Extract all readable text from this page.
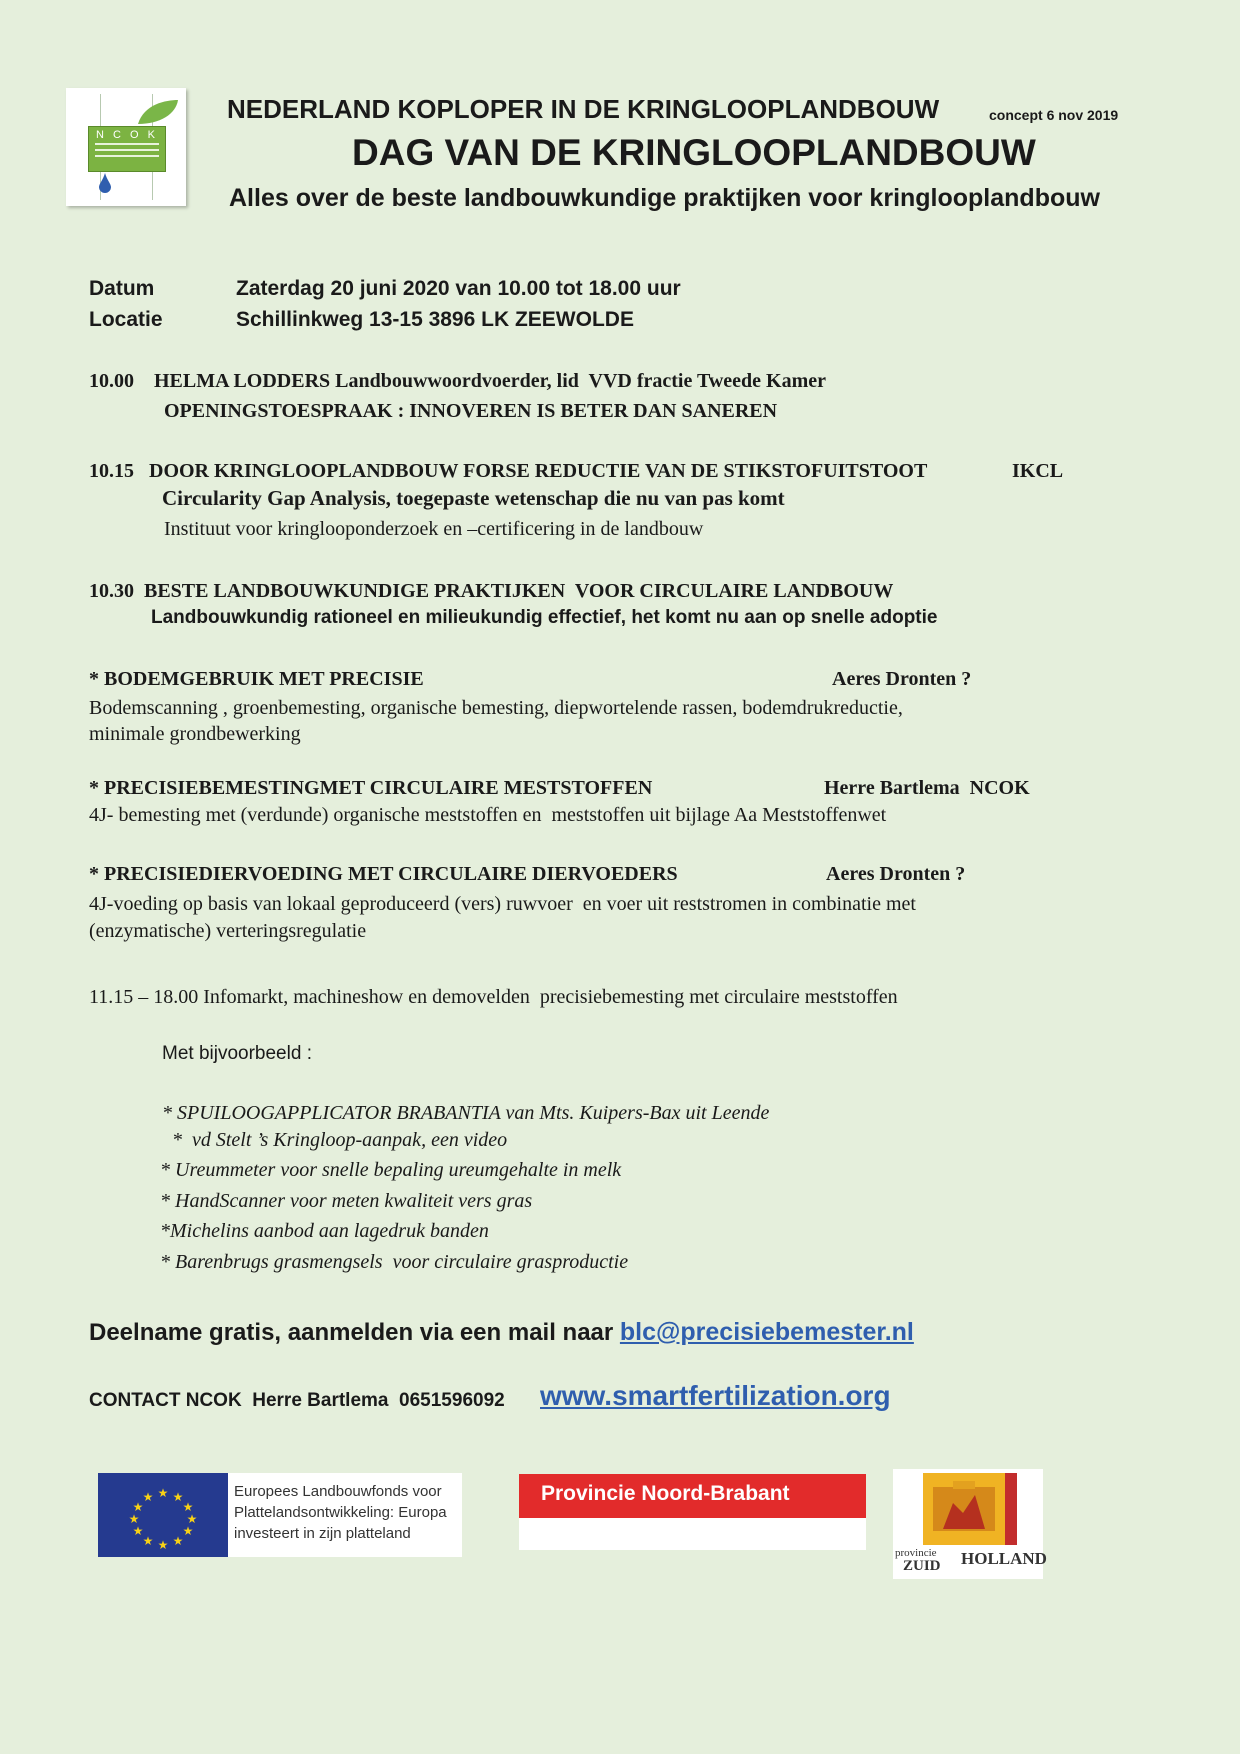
N C O K
NEDERLAND KOPLOPER IN DE KRINGLOOPLANDBOUW	concept 6 nov 2019
DAG VAN DE KRINGLOOPLANDBOUW
Alles over de beste landbouwkundige praktijken voor kringlooplandbouw
Datum	Zaterdag 20 juni 2020 van 10.00 tot 18.00 uur
Locatie	Schillinkweg 13-15 3896 LK ZEEWOLDE
10.00    HELMA LODDERS Landbouwwoordvoerder, lid  VVD fractie Tweede Kamer
OPENINGSTOESPRAAK : INNOVEREN IS BETER DAN SANEREN
10.15   DOOR KRINGLOOPLANDBOUW FORSE REDUCTIE VAN DE STIKSTOFUITSTOOT	IKCL
Circularity Gap Analysis, toegepaste wetenschap die nu van pas komt
Instituut voor kringlooponderzoek en –certificering in de landbouw
10.30  BESTE LANDBOUWKUNDIGE PRAKTIJKEN  VOOR CIRCULAIRE LANDBOUW
Landbouwkundig rationeel en milieukundig effectief, het komt nu aan op snelle adoptie
* BODEMGEBRUIK MET PRECISIE	Aeres Dronten ?
Bodemscanning , groenbemesting, organische bemesting, diepwortelende rassen, bodemdrukreductie,
minimale grondbewerking
* PRECISIEBEMESTINGMET CIRCULAIRE MESTSTOFFEN	Herre Bartlema  NCOK
4J- bemesting met (verdunde) organische meststoffen en  meststoffen uit bijlage Aa Meststoffenwet
* PRECISIEDIERVOEDING MET CIRCULAIRE DIERVOEDERS	Aeres Dronten ?
4J-voeding op basis van lokaal geproduceerd (vers) ruwvoer  en voer uit reststromen in combinatie met
(enzymatische) verteringsregulatie
11.15 – 18.00 Infomarkt, machineshow en demovelden  precisiebemesting met circulaire meststoffen
Met bijvoorbeeld :
* SPUILOOGAPPLICATOR BRABANTIA van Mts. Kuipers-Bax uit Leende
*  vd Stelt ’s Kringloop-aanpak, een video
* Ureummeter voor snelle bepaling ureumgehalte in melk
* HandScanner voor meten kwaliteit vers gras
*Michelins aanbod aan lagedruk banden
* Barenbrugs grasmengsels  voor circulaire grasproductie
Deelname gratis, aanmelden via een mail naar blc@precisiebemester.nl
CONTACT NCOK  Herre Bartlema  0651596092 www.smartfertilization.org
★ ★
★
★
★
★
★
★
★
★
★
★	Europees Landbouwfonds voor
Plattelandsontwikkeling: Europa
investeert in zijn platteland
Provincie Noord-Brabant
provincie
ZUID HOLLAND
